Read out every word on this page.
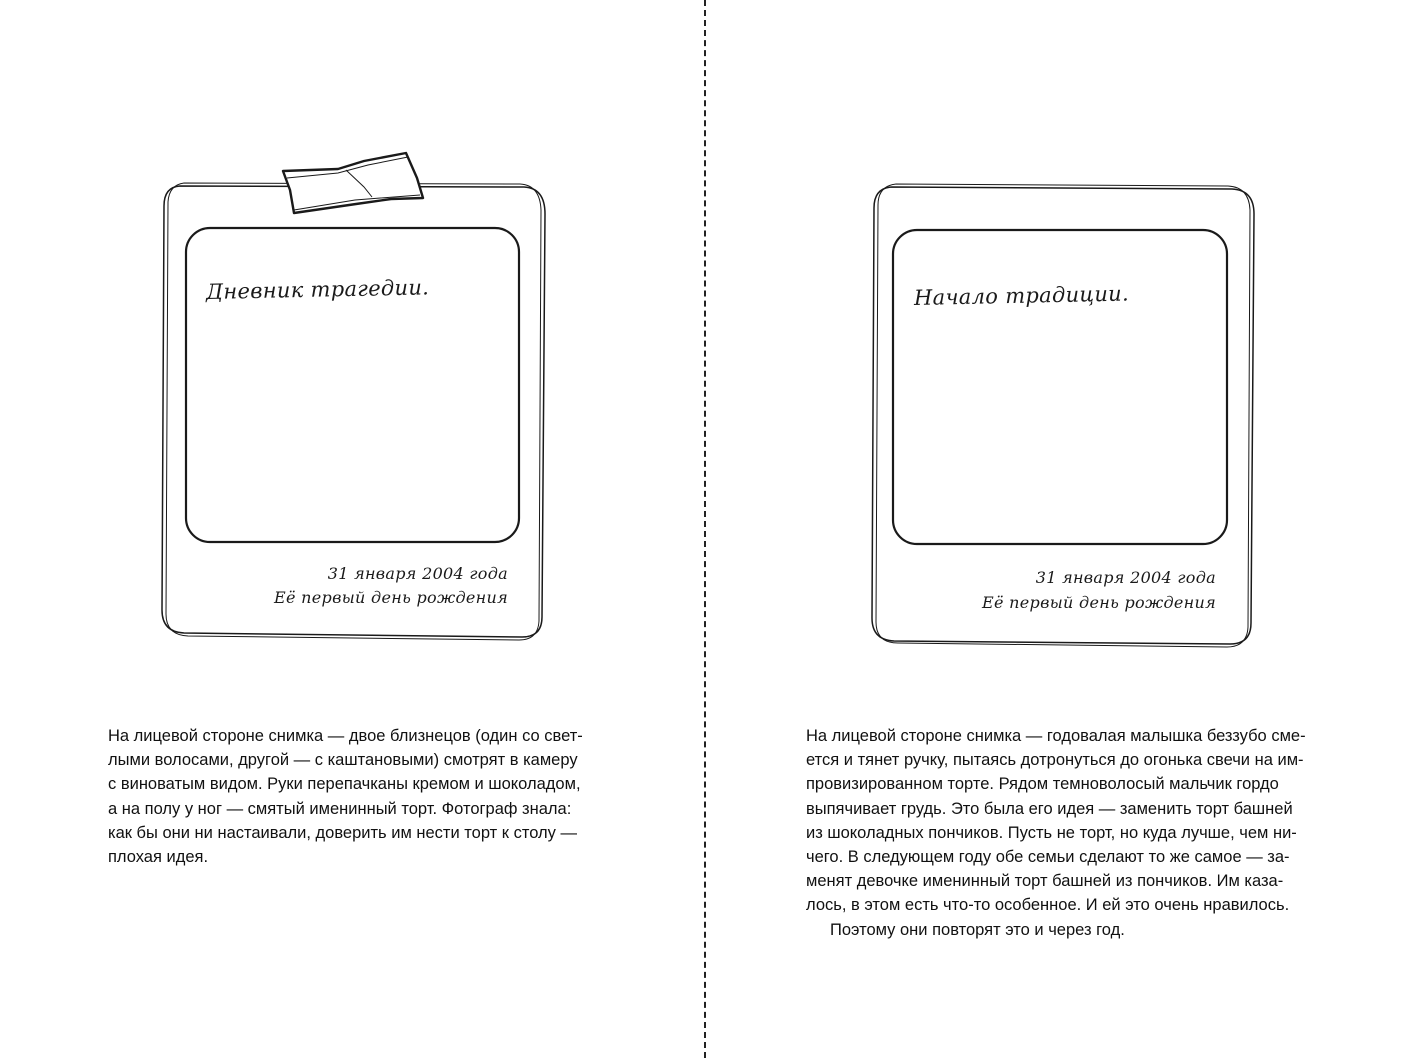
Дневник трагедии.
31 января 2004 года
Её первый день рождения
На лицевой стороне снимка — двое близнецов (один со свет-
лыми волосами, другой — с каштановыми) смотрят в камеру
с виноватым видом. Руки перепачканы кремом и шоколадом,
а на полу у ног — смятый именинный торт. Фотограф знала:
как бы они ни настаивали, доверить им нести торт к столу —
плохая идея.
Начало традиции.
31 января 2004 года
Её первый день рождения
На лицевой стороне снимка — годовалая малышка беззубо сме-
ется и тянет ручку, пытаясь дотронуться до огонька свечи на им-
провизированном торте. Рядом темноволосый мальчик гордо
выпячивает грудь. Это была его идея — заменить торт башней
из шоколадных пончиков. Пусть не торт, но куда лучше, чем ни-
чего. В следующем году обе семьи сделают то же самое — за-
менят девочке именинный торт башней из пончиков. Им каза-
лось, в этом есть что-то особенное. И ей это очень нравилось.
Поэтому они повторят это и через год.
